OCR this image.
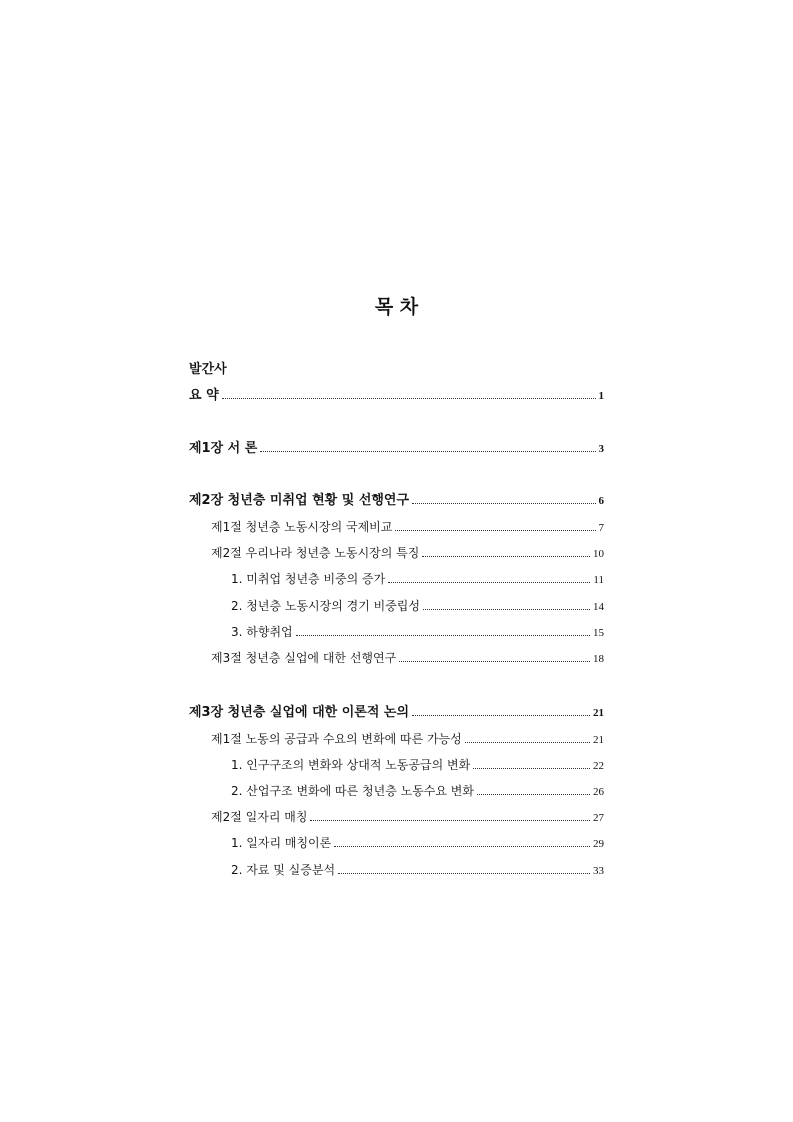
목 차
발간사
요 약	1
제1장 서 론	3
제2장 청년층 미취업 현황 및 선행연구	6
제1절 청년층 노동시장의 국제비교	7
제2절 우리나라 청년층 노동시장의 특징	10
1. 미취업 청년층 비중의 증가	11
2. 청년층 노동시장의 경기 비중립성	14
3. 하향취업	15
제3절 청년층 실업에 대한 선행연구	18
제3장 청년층 실업에 대한 이론적 논의	21
제1절 노동의 공급과 수요의 변화에 따른 가능성	21
1. 인구구조의 변화와 상대적 노동공급의 변화	22
2. 산업구조 변화에 따른 청년층 노동수요 변화	26
제2절 일자리 매칭	27
1. 일자리 매칭이론	29
2. 자료 및 실증분석	33
